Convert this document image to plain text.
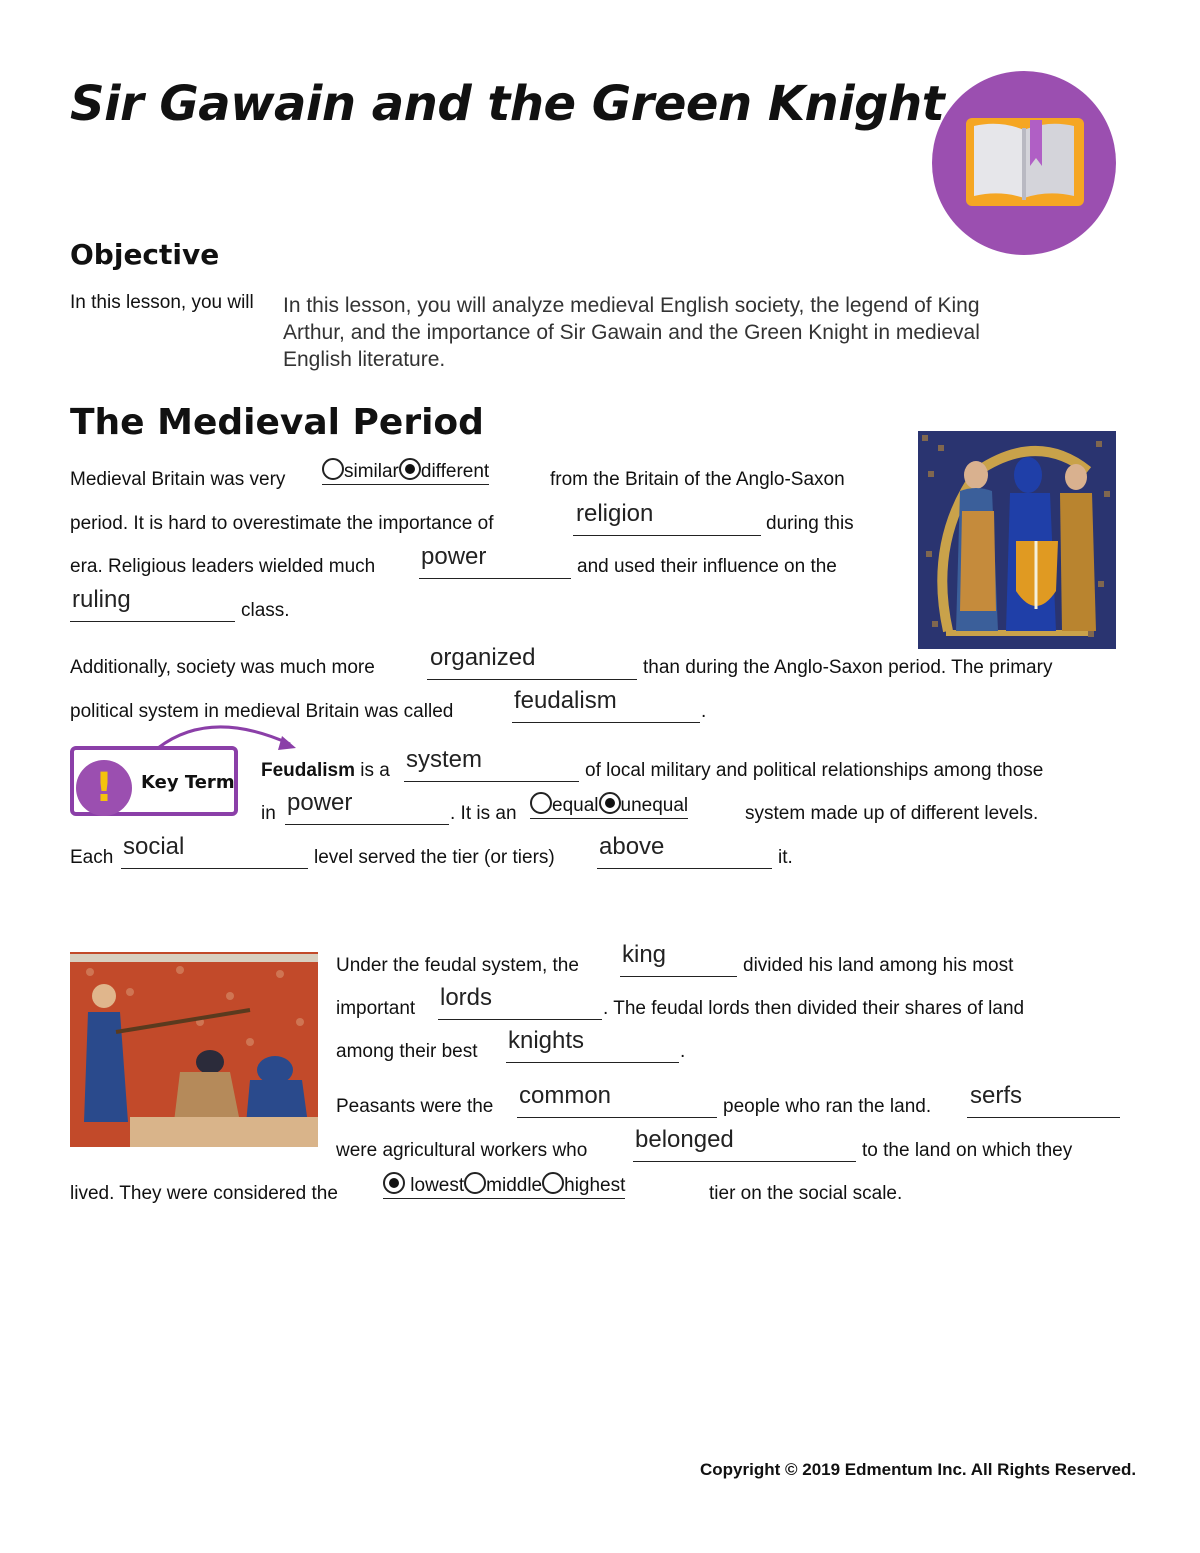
Sir Gawain and the Green Knight
Objective
In this lesson, you will In this lesson, you will analyze medieval English society, the legend of King Arthur, and the importance of Sir Gawain and the Green Knight in medieval English literature.
The Medieval Period
Medieval Britain was very	similar different	from the Britain of the Anglo-Saxon
period. It is hard to overestimate the importance of	religion	during this
era. Religious leaders wielded much power	and used their influence on the
ruling	class.
Additionally, society was much more organized	than during the Anglo-Saxon period. The primary
political system in medieval Britain was called	feudalism	.
!	Key Term
Feudalism is a system	of local military and political relationships among those
in power	. It is an	equal unequal	system made up of different levels.
Each social	level served the tier (or tiers) above	it.
Under the feudal system, the king	divided his land among his most
important lords	. The feudal lords then divided their shares of land
among their best knights	.
Peasants were the common	people who ran the land. serfs
were agricultural workers who belonged	to the land on which they
lived. They were considered the	lowest middle highest	tier on the social scale.
Copyright © 2019 Edmentum Inc. All Rights Reserved.
